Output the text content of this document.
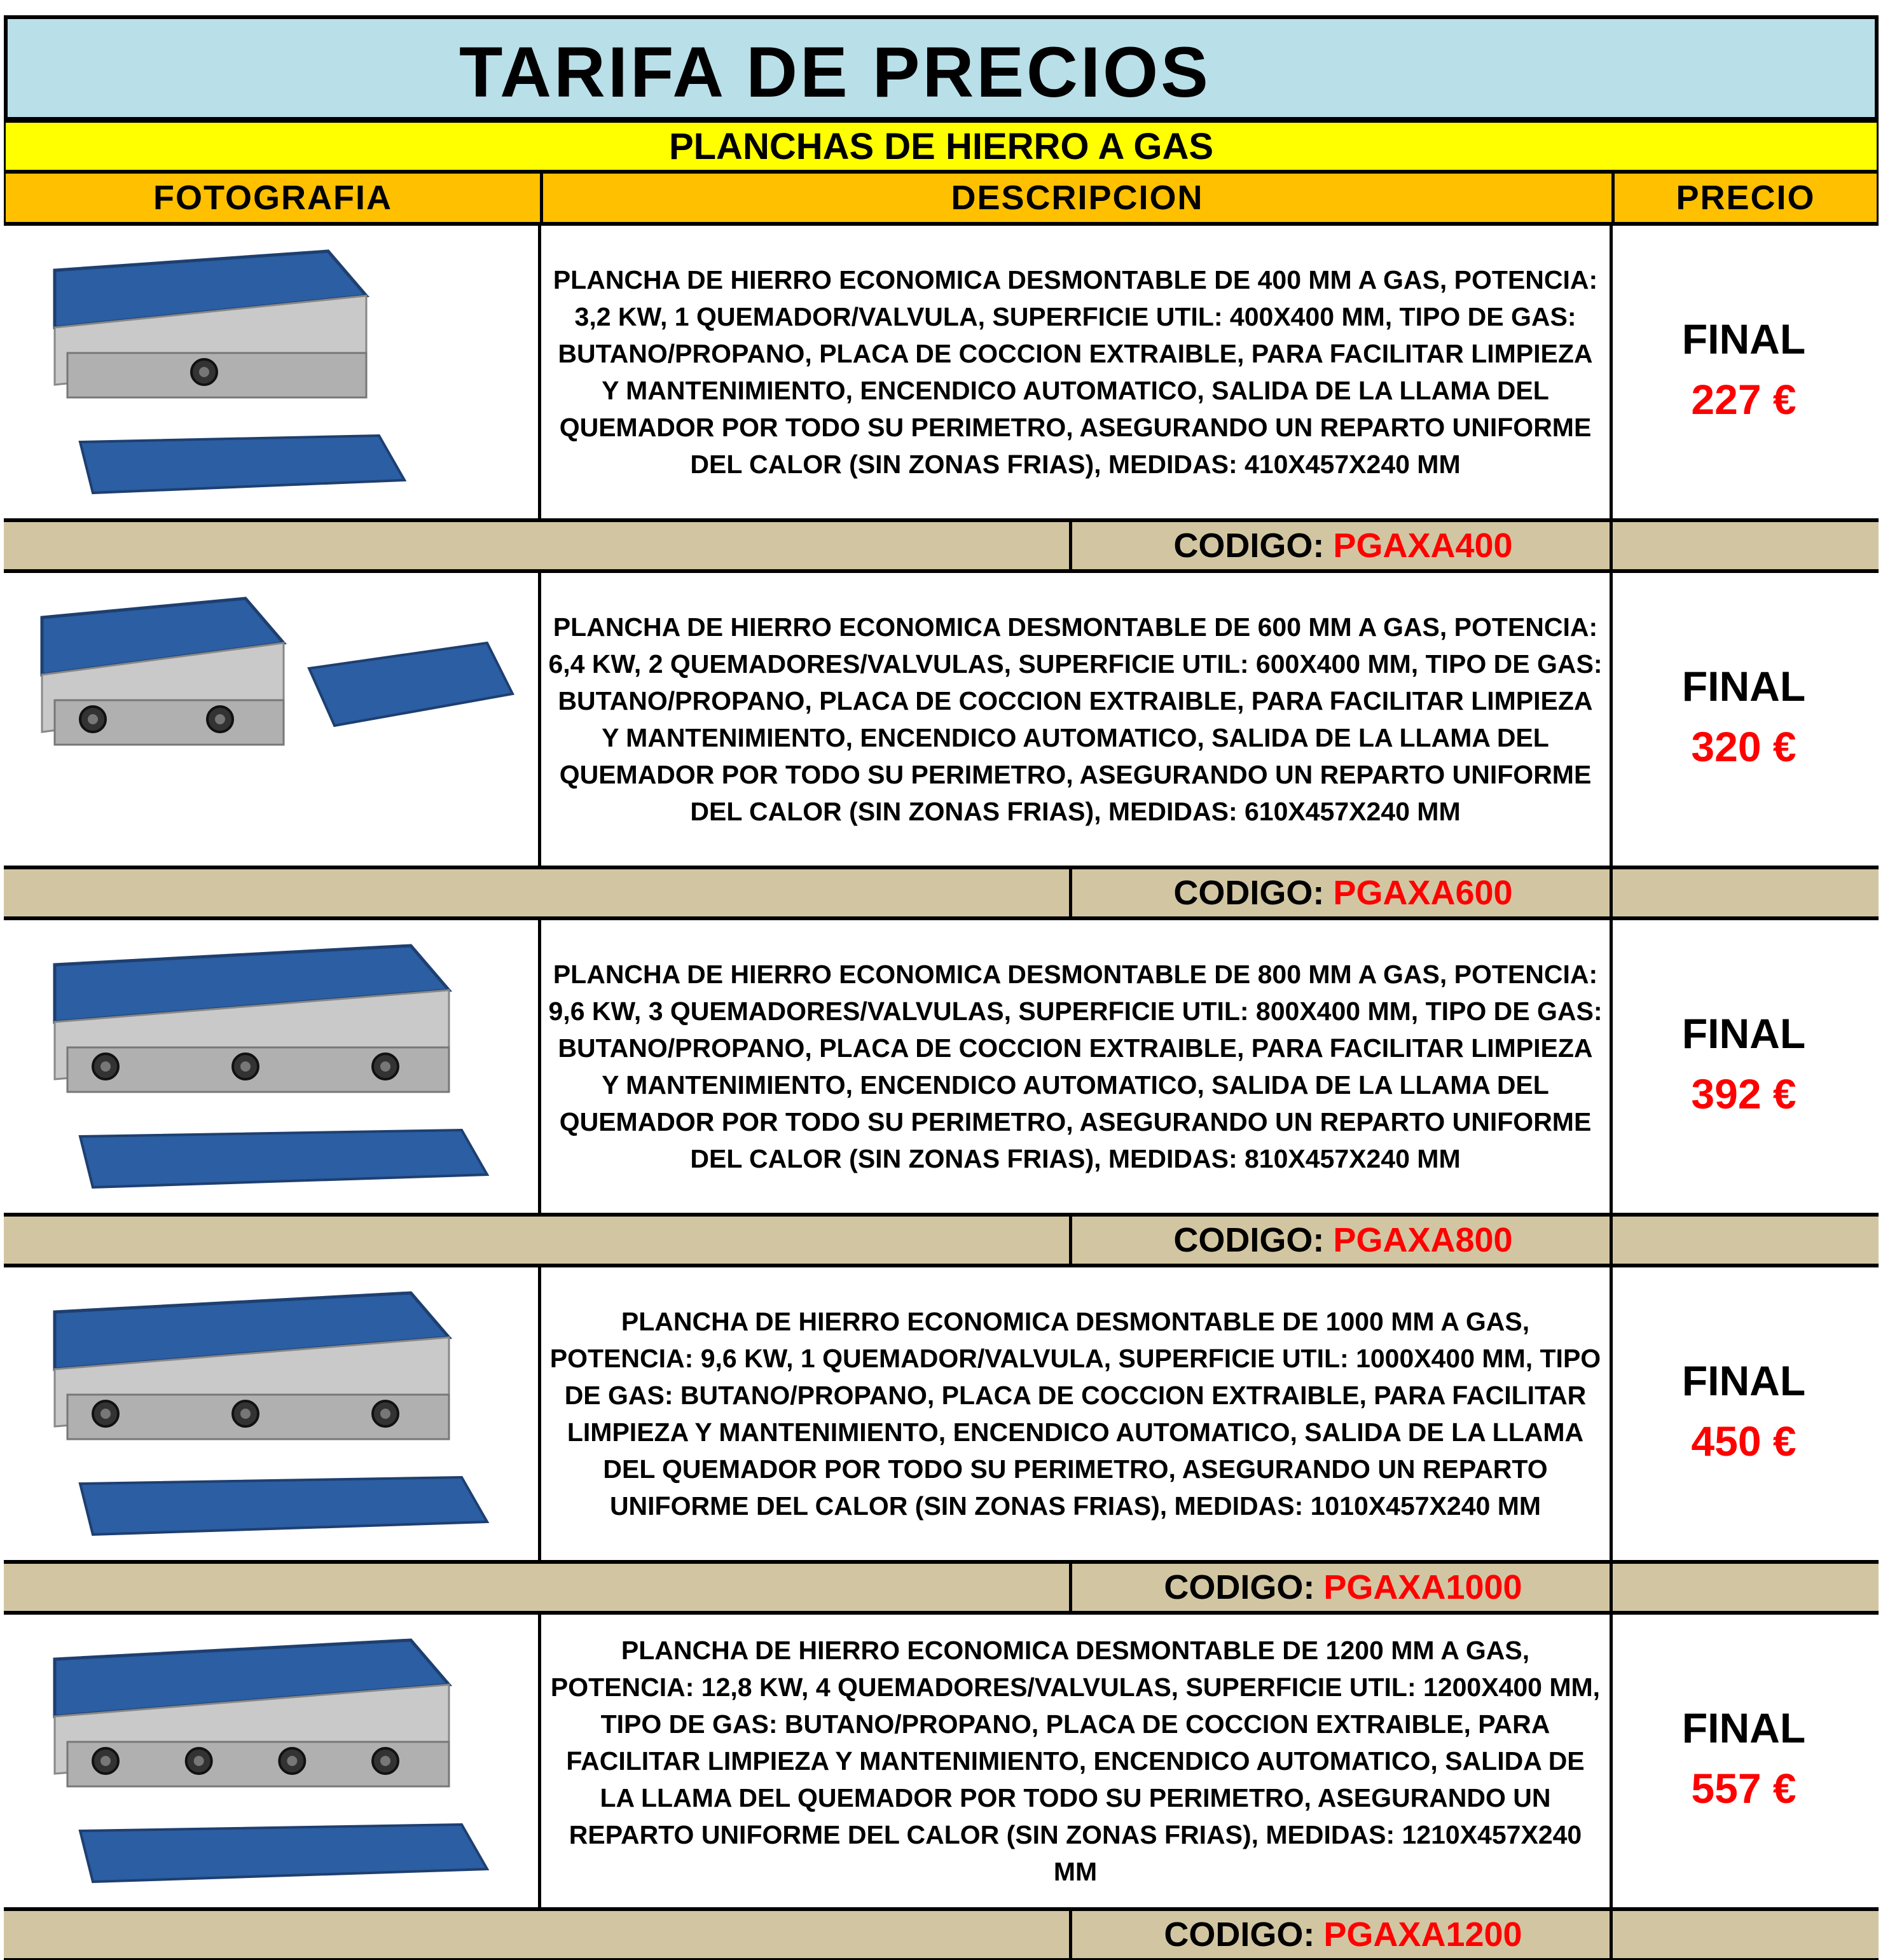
TARIFA DE PRECIOS
PLANCHAS DE HIERRO A GAS
FOTOGRAFIA	DESCRIPCION	PRECIO
PLANCHA DE HIERRO ECONOMICA DESMONTABLE DE 400 MM A GAS, POTENCIA: 3,2 KW, 1 QUEMADOR/VALVULA, SUPERFICIE UTIL: 400X400 MM, TIPO DE GAS: BUTANO/PROPANO, PLACA DE COCCION EXTRAIBLE, PARA FACILITAR LIMPIEZA Y MANTENIMIENTO, ENCENDICO AUTOMATICO, SALIDA DE LA LLAMA DEL QUEMADOR POR TODO SU PERIMETRO, ASEGURANDO UN REPARTO UNIFORME DEL CALOR (SIN ZONAS FRIAS), MEDIDAS: 410X457X240 MM
FINAL
227 €
CODIGO: PGAXA400
PLANCHA DE HIERRO ECONOMICA DESMONTABLE DE 600 MM A GAS, POTENCIA: 6,4 KW, 2 QUEMADORES/VALVULAS, SUPERFICIE UTIL: 600X400 MM, TIPO DE GAS: BUTANO/PROPANO, PLACA DE COCCION EXTRAIBLE, PARA FACILITAR LIMPIEZA Y MANTENIMIENTO, ENCENDICO AUTOMATICO, SALIDA DE LA LLAMA DEL QUEMADOR POR TODO SU PERIMETRO, ASEGURANDO UN REPARTO UNIFORME DEL CALOR (SIN ZONAS FRIAS), MEDIDAS: 610X457X240 MM
FINAL
320 €
CODIGO: PGAXA600
PLANCHA DE HIERRO ECONOMICA DESMONTABLE DE 800 MM A GAS, POTENCIA: 9,6 KW, 3 QUEMADORES/VALVULAS, SUPERFICIE UTIL: 800X400 MM, TIPO DE GAS: BUTANO/PROPANO, PLACA DE COCCION EXTRAIBLE, PARA FACILITAR LIMPIEZA Y MANTENIMIENTO, ENCENDICO AUTOMATICO, SALIDA DE LA LLAMA DEL QUEMADOR POR TODO SU PERIMETRO, ASEGURANDO UN REPARTO UNIFORME DEL CALOR (SIN ZONAS FRIAS), MEDIDAS: 810X457X240 MM
FINAL
392 €
CODIGO: PGAXA800
PLANCHA DE HIERRO ECONOMICA DESMONTABLE DE 1000 MM A GAS, POTENCIA: 9,6 KW, 1 QUEMADOR/VALVULA, SUPERFICIE UTIL: 1000X400 MM, TIPO DE GAS: BUTANO/PROPANO, PLACA DE COCCION EXTRAIBLE, PARA FACILITAR LIMPIEZA Y MANTENIMIENTO, ENCENDICO AUTOMATICO, SALIDA DE LA LLAMA DEL QUEMADOR POR TODO SU PERIMETRO, ASEGURANDO UN REPARTO UNIFORME DEL CALOR (SIN ZONAS FRIAS), MEDIDAS: 1010X457X240 MM
FINAL
450 €
CODIGO: PGAXA1000
PLANCHA DE HIERRO ECONOMICA DESMONTABLE DE 1200 MM A GAS, POTENCIA: 12,8 KW, 4 QUEMADORES/VALVULAS, SUPERFICIE UTIL: 1200X400 MM, TIPO DE GAS: BUTANO/PROPANO, PLACA DE COCCION EXTRAIBLE, PARA FACILITAR LIMPIEZA Y MANTENIMIENTO, ENCENDICO AUTOMATICO, SALIDA DE LA LLAMA DEL QUEMADOR POR TODO SU PERIMETRO, ASEGURANDO UN REPARTO UNIFORME DEL CALOR (SIN ZONAS FRIAS), MEDIDAS: 1210X457X240 MM
FINAL
557 €
CODIGO: PGAXA1200
